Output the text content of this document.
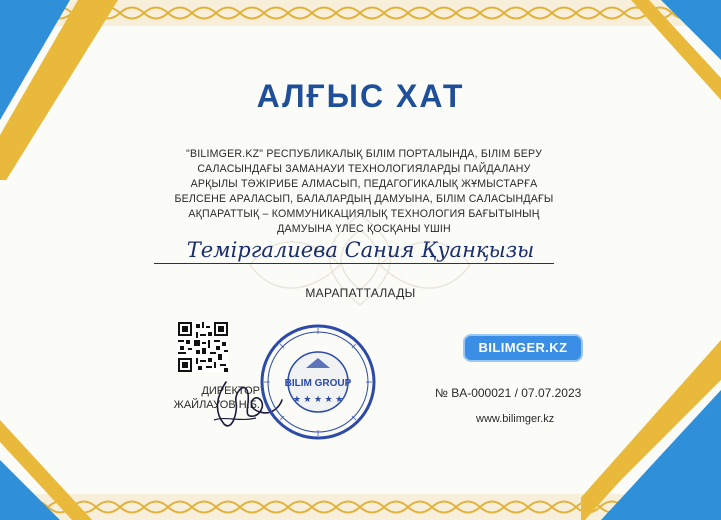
АЛҒЫС ХАТ
"BILIMGER.KZ" РЕСПУБЛИКАЛЫҚ БІЛІМ ПОРТАЛЫНДА, БІЛІМ БЕРУ
САЛАСЫНДАҒЫ ЗАМАНАУИ ТЕХНОЛОГИЯЛАРДЫ ПАЙДАЛАНУ
АРҚЫЛЫ ТӘЖІРИБЕ АЛМАСЫП, ПЕДАГОГИКАЛЫҚ ЖҰМЫСТАРҒА
БЕЛСЕНЕ АРАЛАСЫП, БАЛАЛАРДЫҢ ДАМУЫНА, БІЛІМ САЛАСЫНДАҒЫ
АҚПАРАТТЫҚ – КОММУНИКАЦИЯЛЫҚ ТЕХНОЛОГИЯ БАҒЫТЫНЫҢ
ДАМУЫНА ҮЛЕС ҚОСҚАНЫ ҮШІН
Теміргалиева Сания Қуанқызы
МАРАПАТТАЛАДЫ
ДИРЕКТОР
ЖАЙЛАУОВ Н.Б.
BILIM GROUP
★ ★ ★ ★ ★
BILIMGER.KZ
№ BA-000021 / 07.07.2023
www.bilimger.kz
